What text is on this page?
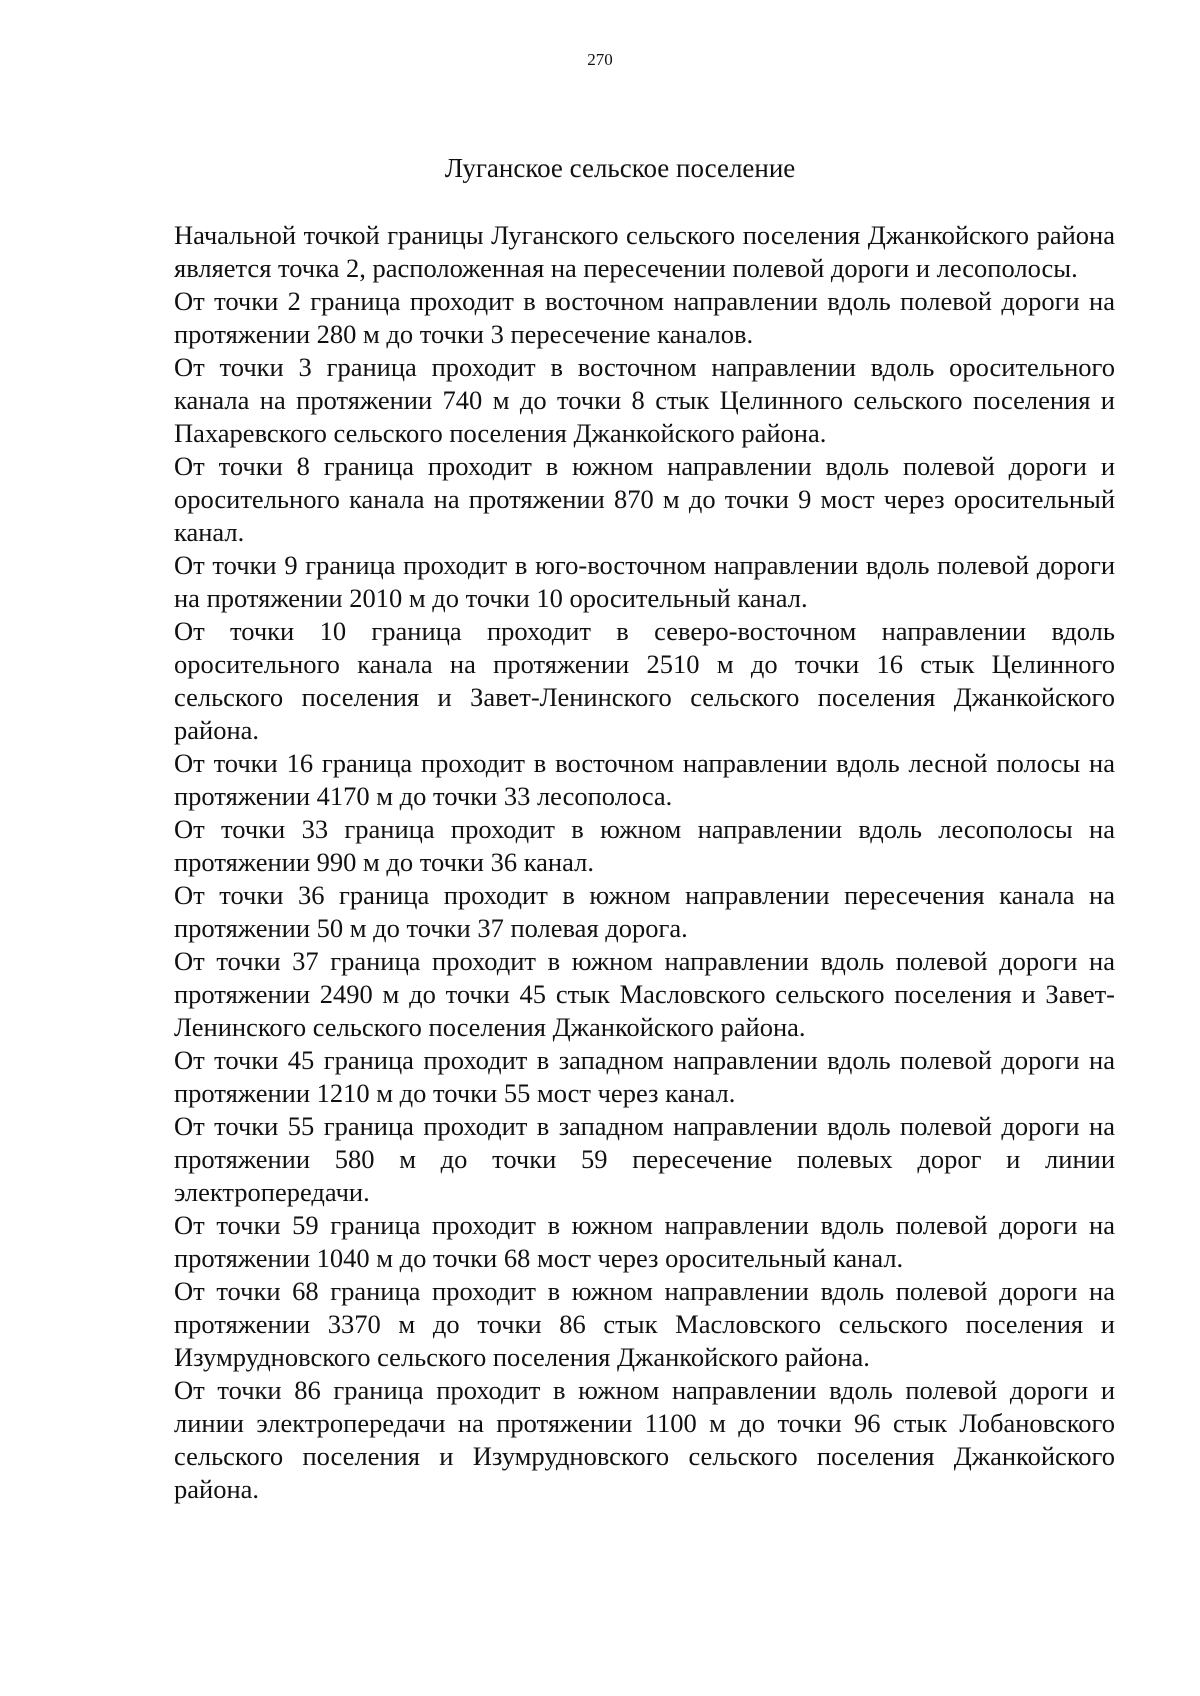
270
Луганское сельское поселение

Начальной точкой границы Луганского сельского поселения Джанкойского района является точка 2, расположенная на пересечении полевой дороги и лесополосы.

От точки 2 граница проходит в восточном направлении вдоль полевой дороги на протяжении 280 м до точки 3 пересечение каналов.

От точки 3 граница проходит в восточном направлении вдоль оросительного канала на протяжении 740 м до точки 8 стык Целинного сельского поселения и Пахаревского сельского поселения Джанкойского района.

От точки 8 граница проходит в южном направлении вдоль полевой дороги и оросительного канала на протяжении 870 м до точки 9 мост через оросительный канал.

От точки 9 граница проходит в юго-восточном направлении вдоль полевой дороги на протяжении 2010 м до точки 10 оросительный канал.

От точки 10 граница проходит в северо-восточном направлении вдоль оросительного канала на протяжении 2510 м до точки 16 стык Целинного сельского поселения и Завет-Ленинского сельского поселения Джанкойского района.

От точки 16 граница проходит в восточном направлении вдоль лесной полосы на протяжении 4170 м до точки 33 лесополоса.

От точки 33 граница проходит в южном направлении вдоль лесополосы на протяжении 990 м до точки 36 канал.

От точки 36 граница проходит в южном направлении пересечения канала на протяжении 50 м до точки 37 полевая дорога.

От точки 37 граница проходит в южном направлении вдоль полевой дороги на протяжении 2490 м до точки 45 стык Масловского сельского поселения и Завет-Ленинского сельского поселения Джанкойского района.

От точки 45 граница проходит в западном направлении вдоль полевой дороги на протяжении 1210 м до точки 55 мост через канал.

От точки 55 граница проходит в западном направлении вдоль полевой дороги на протяжении 580 м до точки 59 пересечение полевых дорог и линии электропередачи.

От точки 59 граница проходит в южном направлении вдоль полевой дороги на протяжении 1040 м до точки 68 мост через оросительный канал.

От точки 68 граница проходит в южном направлении вдоль полевой дороги на протяжении 3370 м до точки 86 стык Масловского сельского поселения и Изумрудновского сельского поселения Джанкойского района.

От точки 86 граница проходит в южном направлении вдоль полевой дороги и линии электропередачи на протяжении 1100 м до точки 96 стык Лобановского сельского поселения и Изумрудновского сельского поселения Джанкойского района.
